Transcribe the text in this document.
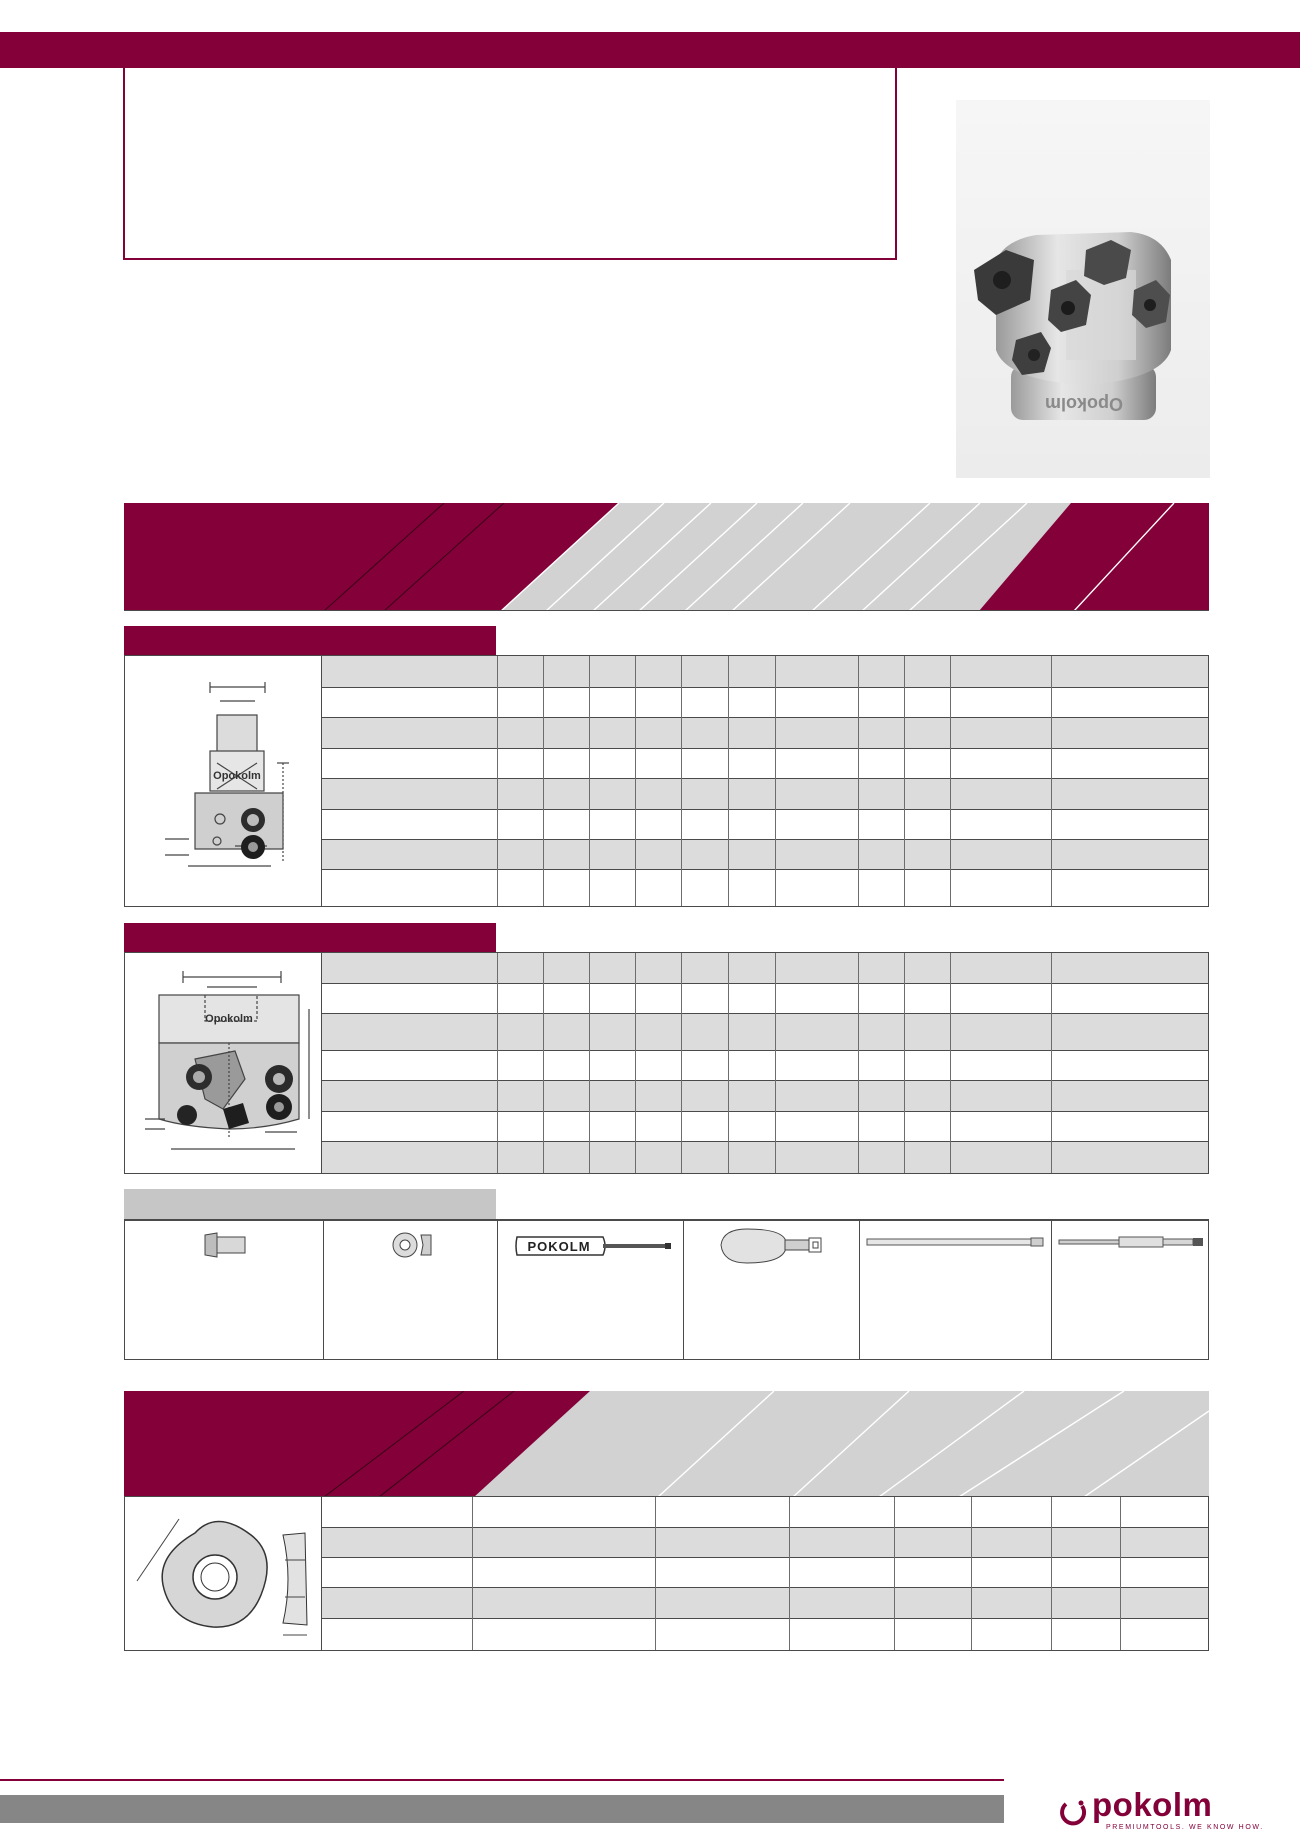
Opokolm
Opokolm
Opokolm
POKOLM
pokolm
PREMIUMTOOLS. WE KNOW HOW.
